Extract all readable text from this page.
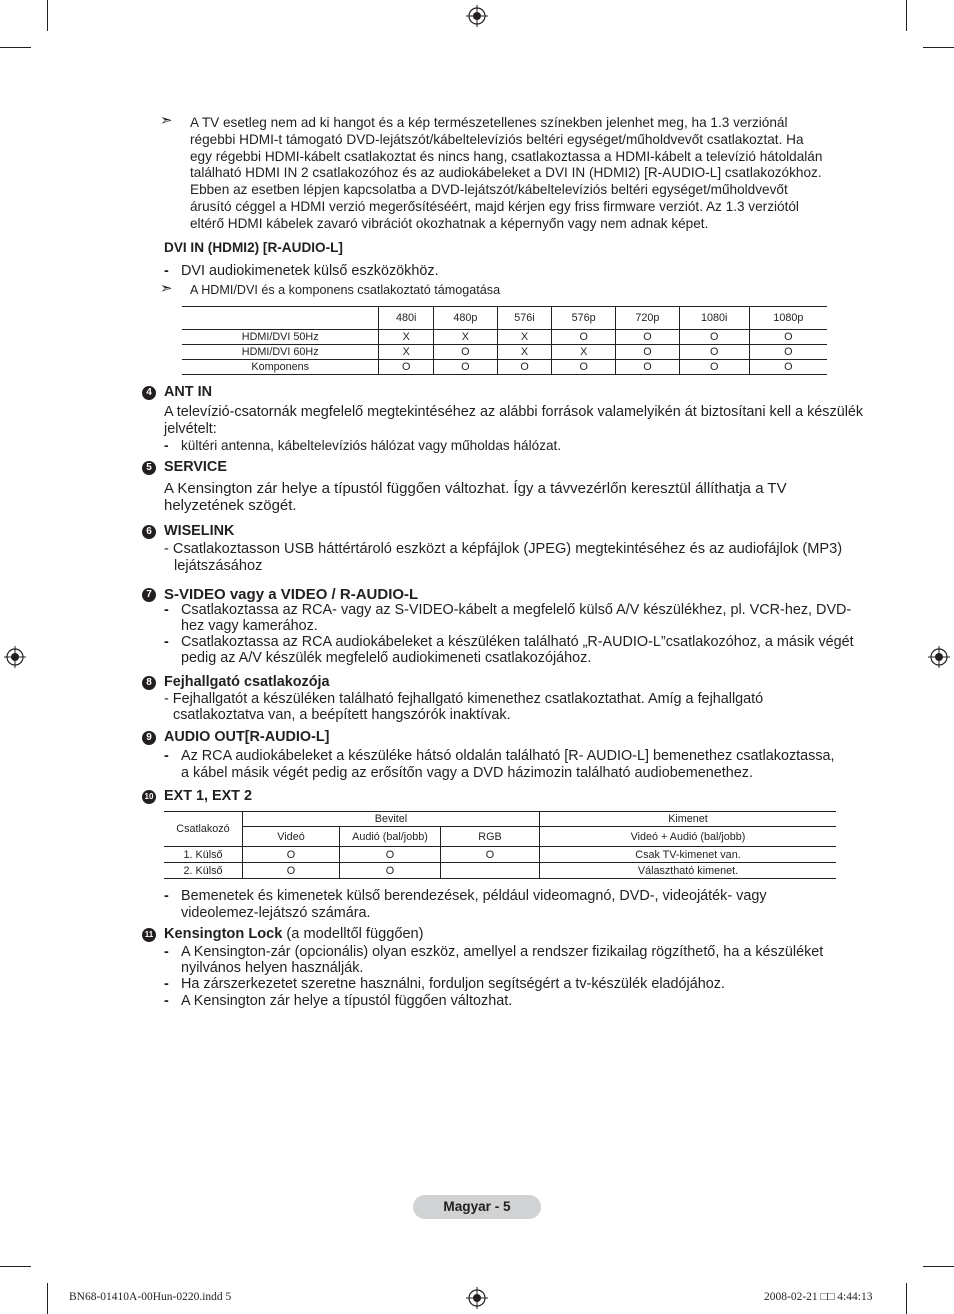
➣ A TV esetleg nem ad ki hangot és a kép természetellenes színekben jelenhet meg, ha 1.3 verziónál
régebbi HDMI-t támogató DVD-lejátszót/kábeltelevíziós beltéri egységet/műholdvevőt csatlakoztat. Ha
egy régebbi HDMI-kábelt csatlakoztat és nincs hang, csatlakoztassa a HDMI-kábelt a televízió hátoldalán
található HDMI IN 2 csatlakozóhoz és az audiokábeleket a DVI IN (HDMI2) [R-AUDIO-L] csatlakozókhoz.
Ebben az esetben lépjen kapcsolatba a DVD-lejátszót/kábeltelevíziós beltéri egységet/műholdvevőt
árusító céggel a HDMI verzió megerősítéséért, majd kérjen egy friss firmware verziót. Az 1.3 verziótól
eltérő HDMI kábelek zavaró vibrációt okozhatnak a képernyőn vagy nem adnak képet.
DVI IN (HDMI2) [R-AUDIO-L]
- DVI audiokimenetek külső eszközökhöz.
➣ A HDMI/DVI és a komponens csatlakoztató támogatása
	480i	480p	576i	576p	720p	1080i	1080p
HDMI/DVI 50Hz	X	X	X	O	O	O	O
HDMI/DVI 60Hz	X	O	X	X	O	O	O
Komponens	O	O	O	O	O	O	O
4 ANT IN
A televízió-csatornák megfelelő megtekintéséhez az alábbi források valamelyikén át biztosítani kell a készülék
jelvételt:
- kültéri antenna, kábeltelevíziós hálózat vagy műholdas hálózat.
5 SERVICE
A Kensington zár helye a típustól függően változhat. Így a távvezérlőn keresztül állíthatja a TV
helyzetének szögét.
6 WISELINK
- Csatlakoztasson USB háttértároló eszközt a képfájlok (JPEG) megtekintéséhez és az audiofájlok (MP3)
lejátszásához
7 S-VIDEO vagy a VIDEO / R-AUDIO-L
- Csatlakoztassa az RCA- vagy az S-VIDEO-kábelt a megfelelő külső A/V készülékhez, pl. VCR-hez, DVD-
hez vagy kamerához.
- Csatlakoztassa az RCA audiokábeleket a készüléken található „R-AUDIO-L”csatlakozóhoz, a másik végét
pedig az A/V készülék megfelelő audiokimeneti csatlakozójához.
8 Fejhallgató csatlakozója
- Fejhallgatót a készüléken található fejhallgató kimenethez csatlakoztathat. Amíg a fejhallgató
csatlakoztatva van, a beépített hangszórók inaktívak.
9 AUDIO OUT[R-AUDIO-L]
- Az RCA audiokábeleket a készüléke hátsó oldalán található [R- AUDIO-L] bemenethez csatlakoztassa,
a kábel másik végét pedig az erősítőn vagy a DVD házimozin található audiobemenethez.
10 EXT 1, EXT 2
Csatlakozó	Bevitel			Kimenet
	Videó	Audió (bal/jobb)	RGB	Videó + Audió (bal/jobb)
1. Külső	O	O	O	Csak TV-kimenet van.
2. Külső	O	O		Választható kimenet.
- Bemenetek és kimenetek külső berendezések, például videomagnó, DVD-, videojáték- vagy
videolemez-lejátszó számára.
11 Kensington Lock (a modelltől függően)
- A Kensington-zár (opcionális) olyan eszköz, amellyel a rendszer fizikailag rögzíthető, ha a készüléket
nyilvános helyen használják.
- Ha zárszerkezetet szeretne használni, forduljon segítségért a tv-készülék eladójához.
- A Kensington zár helye a típustól függően változhat.
Magyar - 5
BN68-01410A-00Hun-0220.indd 5	2008-02-21 □□ 4:44:13
